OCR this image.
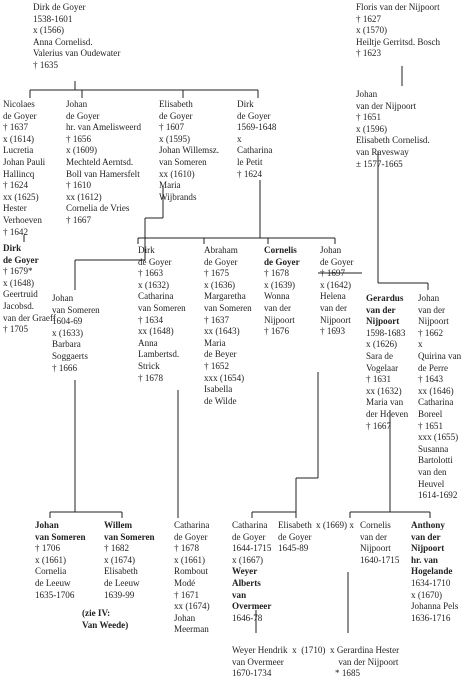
Dirk de Goyer
1538-1601
x (1566)
Anna Cornelisd.
Valerius van Oudewater
† 1635
Floris van der Nijpoort
† 1627
x (1570)
Heiltje Gerritsd. Bosch
† 1623
Nicolaes
de Goyer
† 1637
x (1614)
Lucretia
Johan Pauli
Hallincq
† 1624
xx (1625)
Hester
Verhoeven
† 1642
Johan
de Goyer
hr. van Amelisweerd
† 1656
x (1609)
Mechteld Aerntsd.
Boll van Hamersfelt
† 1610
xx (1612)
Cornelia de Vries
† 1667
Elisabeth
de Goyer
† 1607
x (1595)
Johan Willemsz.
van Someren
xx (1610)
Maria
Wijbrands
Dirk
de Goyer
1569-1648
x
Catharina
le Petit
† 1624
Johan
van der Nijpoort
† 1651
x (1596)
Elisabeth Cornelisd.
van Ravesway
± 1577-1665
Dirk
de Goyer
† 1679*
x (1648)
Geertruid
Jacobsd.
van der Graeff
† 1705
Johan
van Someren
1604-69
x (1633)
Barbara
Soggaerts
† 1666
Dirk
de Goyer
† 1663
x (1632)
Catharina
van Someren
† 1634
xx (1648)
Anna
Lambertsd.
Strick
† 1678
Abraham
de Goyer
† 1675
x (1636)
Margaretha
van Someren
† 1637
xx (1643)
Maria
de Beyer
† 1652
xxx (1654)
Isabella
de Wilde
Cornelis
de Goyer
† 1678
x (1639)
Wonna
van der
Nijpoort
† 1676
Johan
de Goyer
† 1697
x (1642)
Helena
van der
Nijpoort
† 1693
Gerardus
van der
Nijpoort
1598-1683
x (1626)
Sara de
Vogelaar
† 1631
xx (1632)
Maria van
der Hoeven
† 1667
Johan
van der
Nijpoort
† 1662
x
Quirina van
de Perre
† 1643
xx (1646)
Catharina
Boreel
† 1651
xxx (1655)
Susanna
Bartolotti
van den
Heuvel
1614-1692
Johan
van Someren
† 1706
x (1661)
Cornelia
de Leeuw
1635-1706
Willem
van Someren
† 1682
x (1674)
Elisabeth
de Leeuw
1639-99
(zie IV:
Van Weede)
Catharina
de Goyer
† 1678
x (1661)
Rombout
Modé
† 1671
xx (1674)
Johan
Meerman
Catharina
de Goyer
1644-1715
x (1667)
Weyer
Alberts
van
Overmeer
1646-78
Elisabeth
de Goyer
1645-89
x (1669) x Cornelis
van der
Nijpoort
1640-1715
Anthony
van der
Nijpoort
hr. van
Hogelande
1634-1710
x (1670)
Johanna Pels
1636-1716
Weyer Hendrik  x  (1710)  x Gerardina Hester
van Overmeer                        van der Nijpoort
1670-1734                            * 1685
